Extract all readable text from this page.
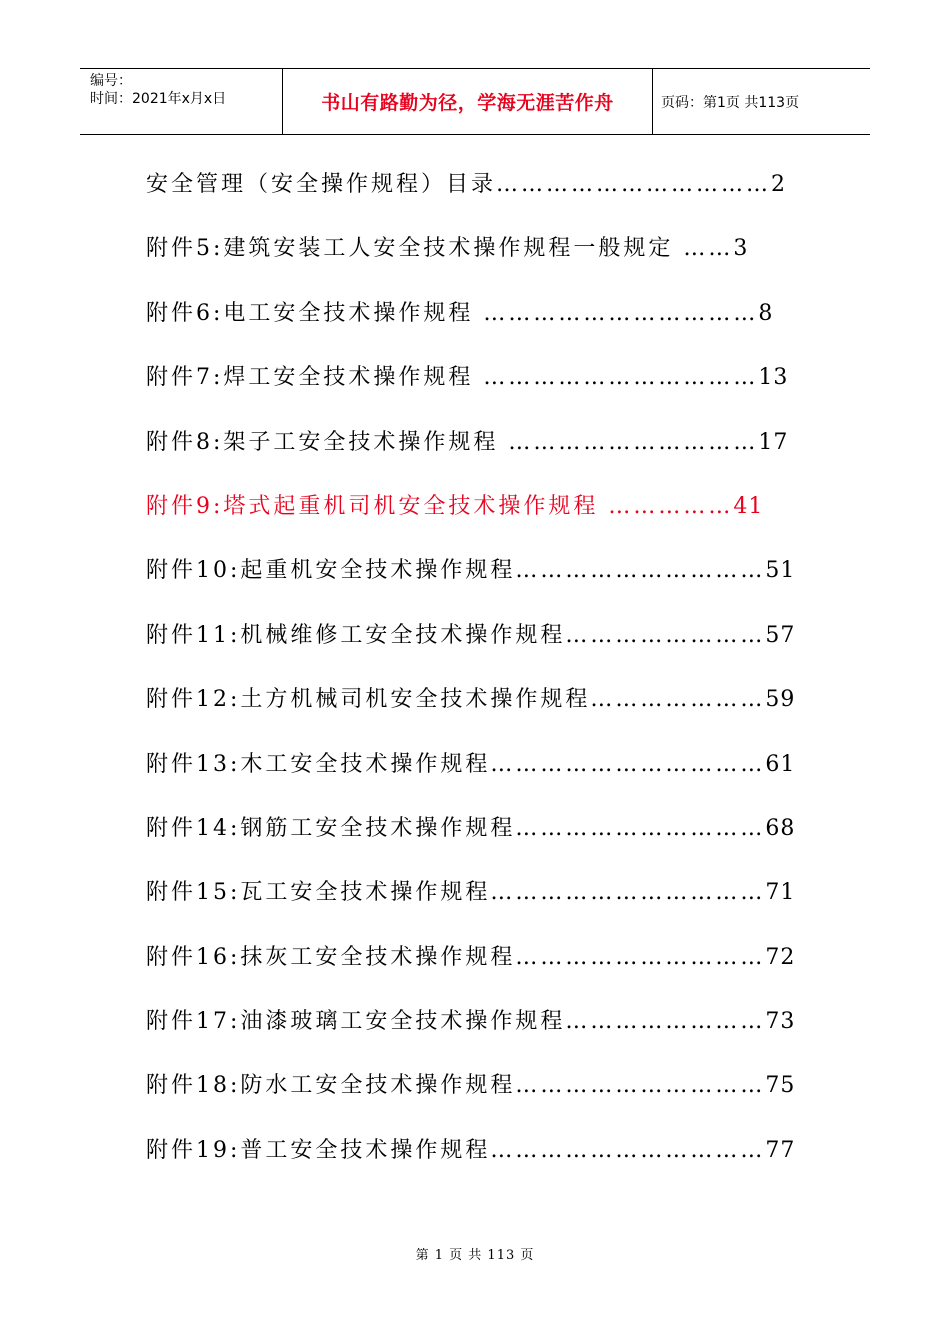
编号：
时间：2021年x月x日	书山有路勤为径，学海无涯苦作舟	页码：第1页 共113页
安全管理（安全操作规程）目录……………………………2
附件5:建筑安装工人安全技术操作规程一般规定 ……3
附件6:电工安全技术操作规程 ……………………………8
附件7:焊工安全技术操作规程 ……………………………13
附件8:架子工安全技术操作规程 …………………………17
附件9:塔式起重机司机安全技术操作规程 ……………41
附件10:起重机安全技术操作规程…………………………51
附件11:机械维修工安全技术操作规程……………………57
附件12:土方机械司机安全技术操作规程…………………59
附件13:木工安全技术操作规程……………………………61
附件14:钢筋工安全技术操作规程…………………………68
附件15:瓦工安全技术操作规程……………………………71
附件16:抹灰工安全技术操作规程…………………………72
附件17:油漆玻璃工安全技术操作规程……………………73
附件18:防水工安全技术操作规程…………………………75
附件19:普工安全技术操作规程……………………………77
第 1 页 共 113 页
